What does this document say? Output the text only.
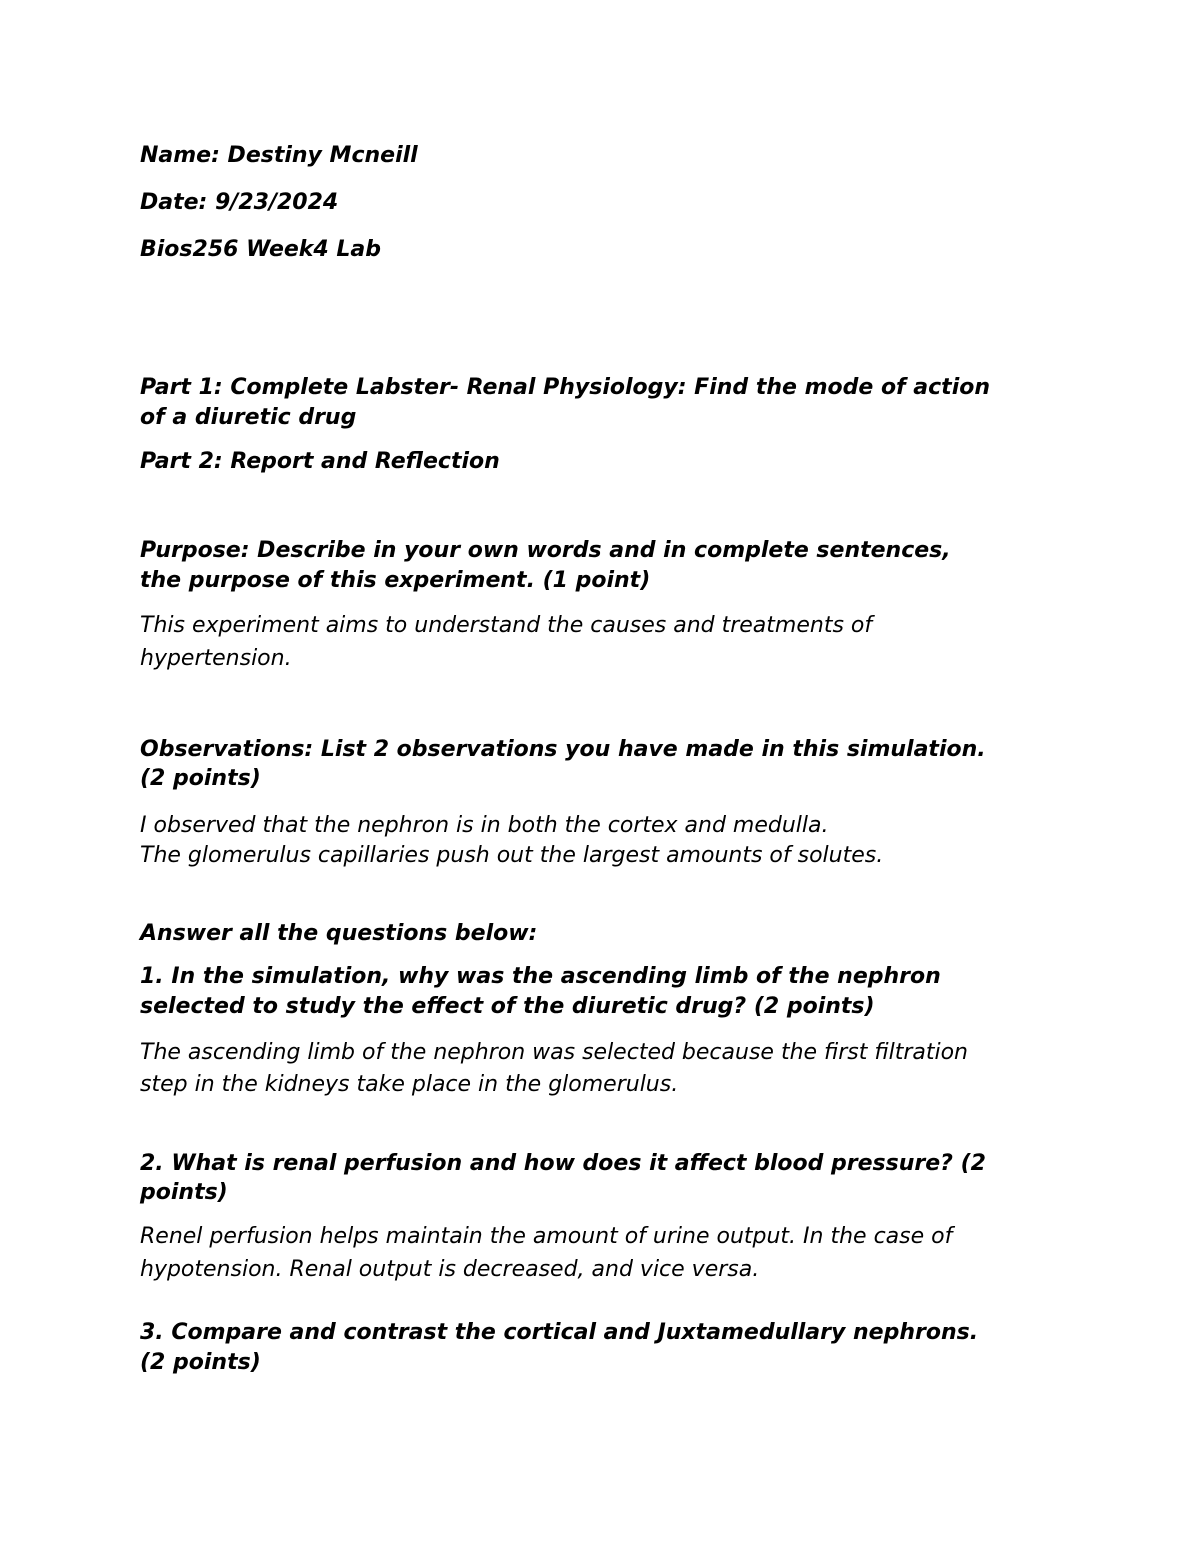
Name: Destiny Mcneill
Date: 9/23/2024
Bios256 Week4 Lab
Part 1: Complete Labster- Renal Physiology: Find the mode of action
of a diuretic drug
Part 2: Report and Reflection
Purpose: Describe in your own words and in complete sentences,
the purpose of this experiment. (1 point)
This experiment aims to understand the causes and treatments of
hypertension.
Observations: List 2 observations you have made in this simulation.
(2 points)
I observed that the nephron is in both the cortex and medulla.
The glomerulus capillaries push out the largest amounts of solutes.
Answer all the questions below:
1. In the simulation, why was the ascending limb of the nephron
selected to study the effect of the diuretic drug? (2 points)
The ascending limb of the nephron was selected because the first filtration
step in the kidneys take place in the glomerulus.
2. What is renal perfusion and how does it affect blood pressure? (2
points)
Renel perfusion helps maintain the amount of urine output. In the case of
hypotension. Renal output is decreased, and vice versa.
3. Compare and contrast the cortical and Juxtamedullary nephrons.
(2 points)
